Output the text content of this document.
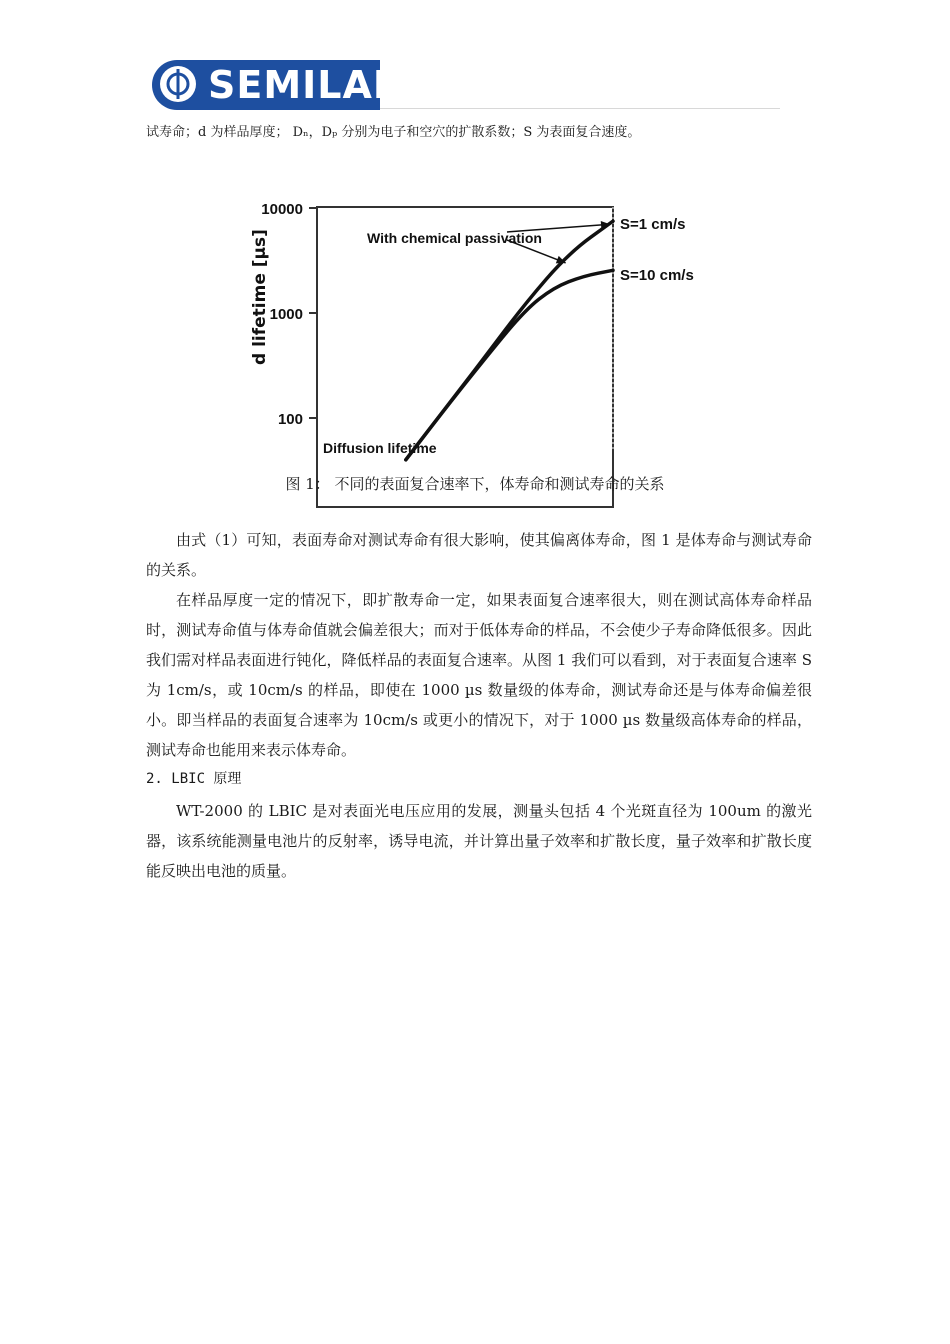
SEMILAB
试寿命；d 为样品厚度； Dₙ，Dₚ 分别为电子和空穴的扩散系数；S 为表面复合速度。
10000
1000
100
d lifetime [µs]	With chemical passivation
Diffusion lifetime
S=1 cm/s
S=10 cm/s
图 1： 不同的表面复合速率下，体寿命和测试寿命的关系

由式（1）可知，表面寿命对测试寿命有很大影响，使其偏离体寿命，图 1 是体寿命与测试寿命的关系。

在样品厚度一定的情况下，即扩散寿命一定，如果表面复合速率很大，则在测试高体寿命样品时，测试寿命值与体寿命值就会偏差很大；而对于低体寿命的样品，不会使少子寿命降低很多。因此我们需对样品表面进行钝化，降低样品的表面复合速率。从图 1 我们可以看到，对于表面复合速率 S 为 1cm/s，或 10cm/s 的样品，即使在 1000 µs 数量级的体寿命，测试寿命还是与体寿命偏差很小。即当样品的表面复合速率为 10cm/s 或更小的情况下，对于 1000 µs 数量级高体寿命的样品，测试寿命也能用来表示体寿命。

2. LBIC 原理

WT-2000 的 LBIC 是对表面光电压应用的发展，测量头包括 4 个光斑直径为 100um 的激光器，该系统能测量电池片的反射率，诱导电流，并计算出量子效率和扩散长度，量子效率和扩散长度能反映出电池的质量。
